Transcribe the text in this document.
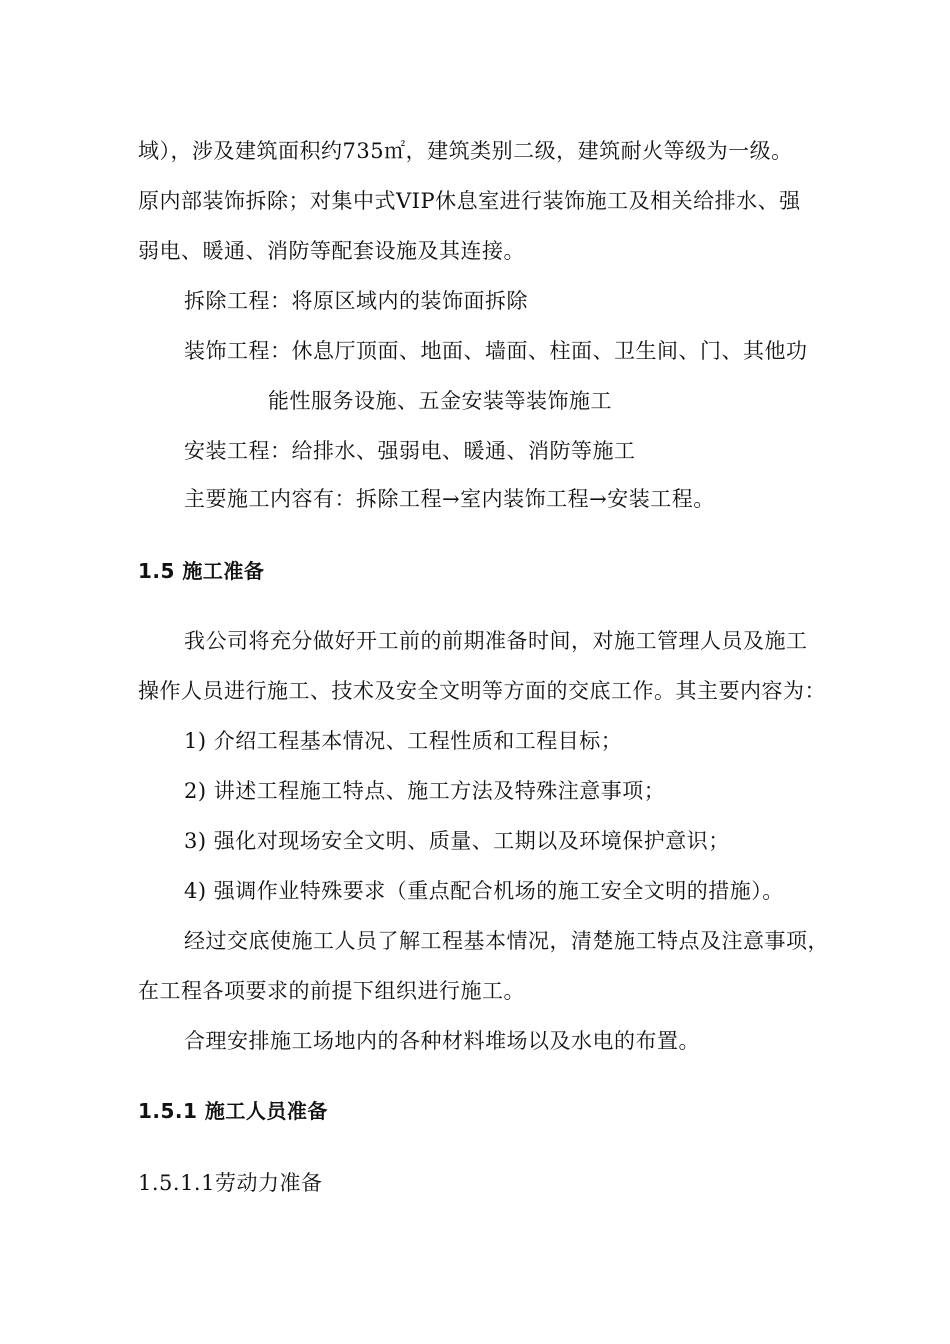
域），涉及建筑面积约735㎡，建筑类别二级，建筑耐火等级为一级。
原内部装饰拆除；对集中式VIP休息室进行装饰施工及相关给排水、强
弱电、暖通、消防等配套设施及其连接。
拆除工程：将原区域内的装饰面拆除
装饰工程：休息厅顶面、地面、墙面、柱面、卫生间、门、其他功
能性服务设施、五金安装等装饰施工
安装工程：给排水、强弱电、暖通、消防等施工
主要施工内容有：拆除工程→室内装饰工程→安装工程。
1.5 施工准备
我公司将充分做好开工前的前期准备时间，对施工管理人员及施工
操作人员进行施工、技术及安全文明等方面的交底工作。其主要内容为：
1) 介绍工程基本情况、工程性质和工程目标；
2) 讲述工程施工特点、施工方法及特殊注意事项；
3) 强化对现场安全文明、质量、工期以及环境保护意识；
4) 强调作业特殊要求（重点配合机场的施工安全文明的措施）。
经过交底使施工人员了解工程基本情况，清楚施工特点及注意事项，
在工程各项要求的前提下组织进行施工。
合理安排施工场地内的各种材料堆场以及水电的布置。
1.5.1 施工人员准备
1.5.1.1劳动力准备
